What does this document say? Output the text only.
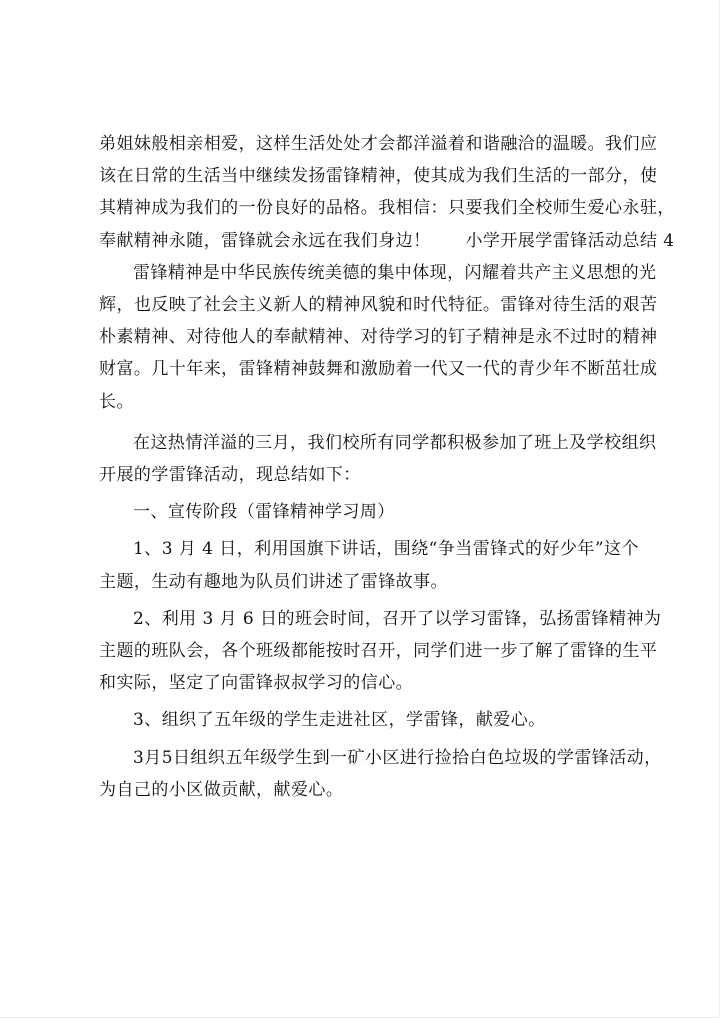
弟姐妹般相亲相爱，这样生活处处才会都洋溢着和谐融洽的温暖。我们应
该在日常的生活当中继续发扬雷锋精神，使其成为我们生活的一部分，使
其精神成为我们的一份良好的品格。我相信：只要我们全校师生爱心永驻，
奉献精神永随，雷锋就会永远在我们身边！　　小学开展学雷锋活动总结 4
雷锋精神是中华民族传统美德的集中体现，闪耀着共产主义思想的光
辉，也反映了社会主义新人的精神风貌和时代特征。雷锋对待生活的艰苦
朴素精神、对待他人的奉献精神、对待学习的钉子精神是永不过时的精神
财富。几十年来，雷锋精神鼓舞和激励着一代又一代的青少年不断茁壮成
长。
在这热情洋溢的三月，我们校所有同学都积极参加了班上及学校组织
开展的学雷锋活动，现总结如下：
一、宣传阶段（雷锋精神学习周）
1、3 月 4 日，利用国旗下讲话，围绕“争当雷锋式的好少年”这个
主题，生动有趣地为队员们讲述了雷锋故事。
2、利用 3 月 6 日的班会时间，召开了以学习雷锋，弘扬雷锋精神为
主题的班队会，各个班级都能按时召开，同学们进一步了解了雷锋的生平
和实际，坚定了向雷锋叔叔学习的信心。
3、组织了五年级的学生走进社区，学雷锋，献爱心。
3月5日组织五年级学生到一矿小区进行捡拾白色垃圾的学雷锋活动，
为自己的小区做贡献，献爱心。
